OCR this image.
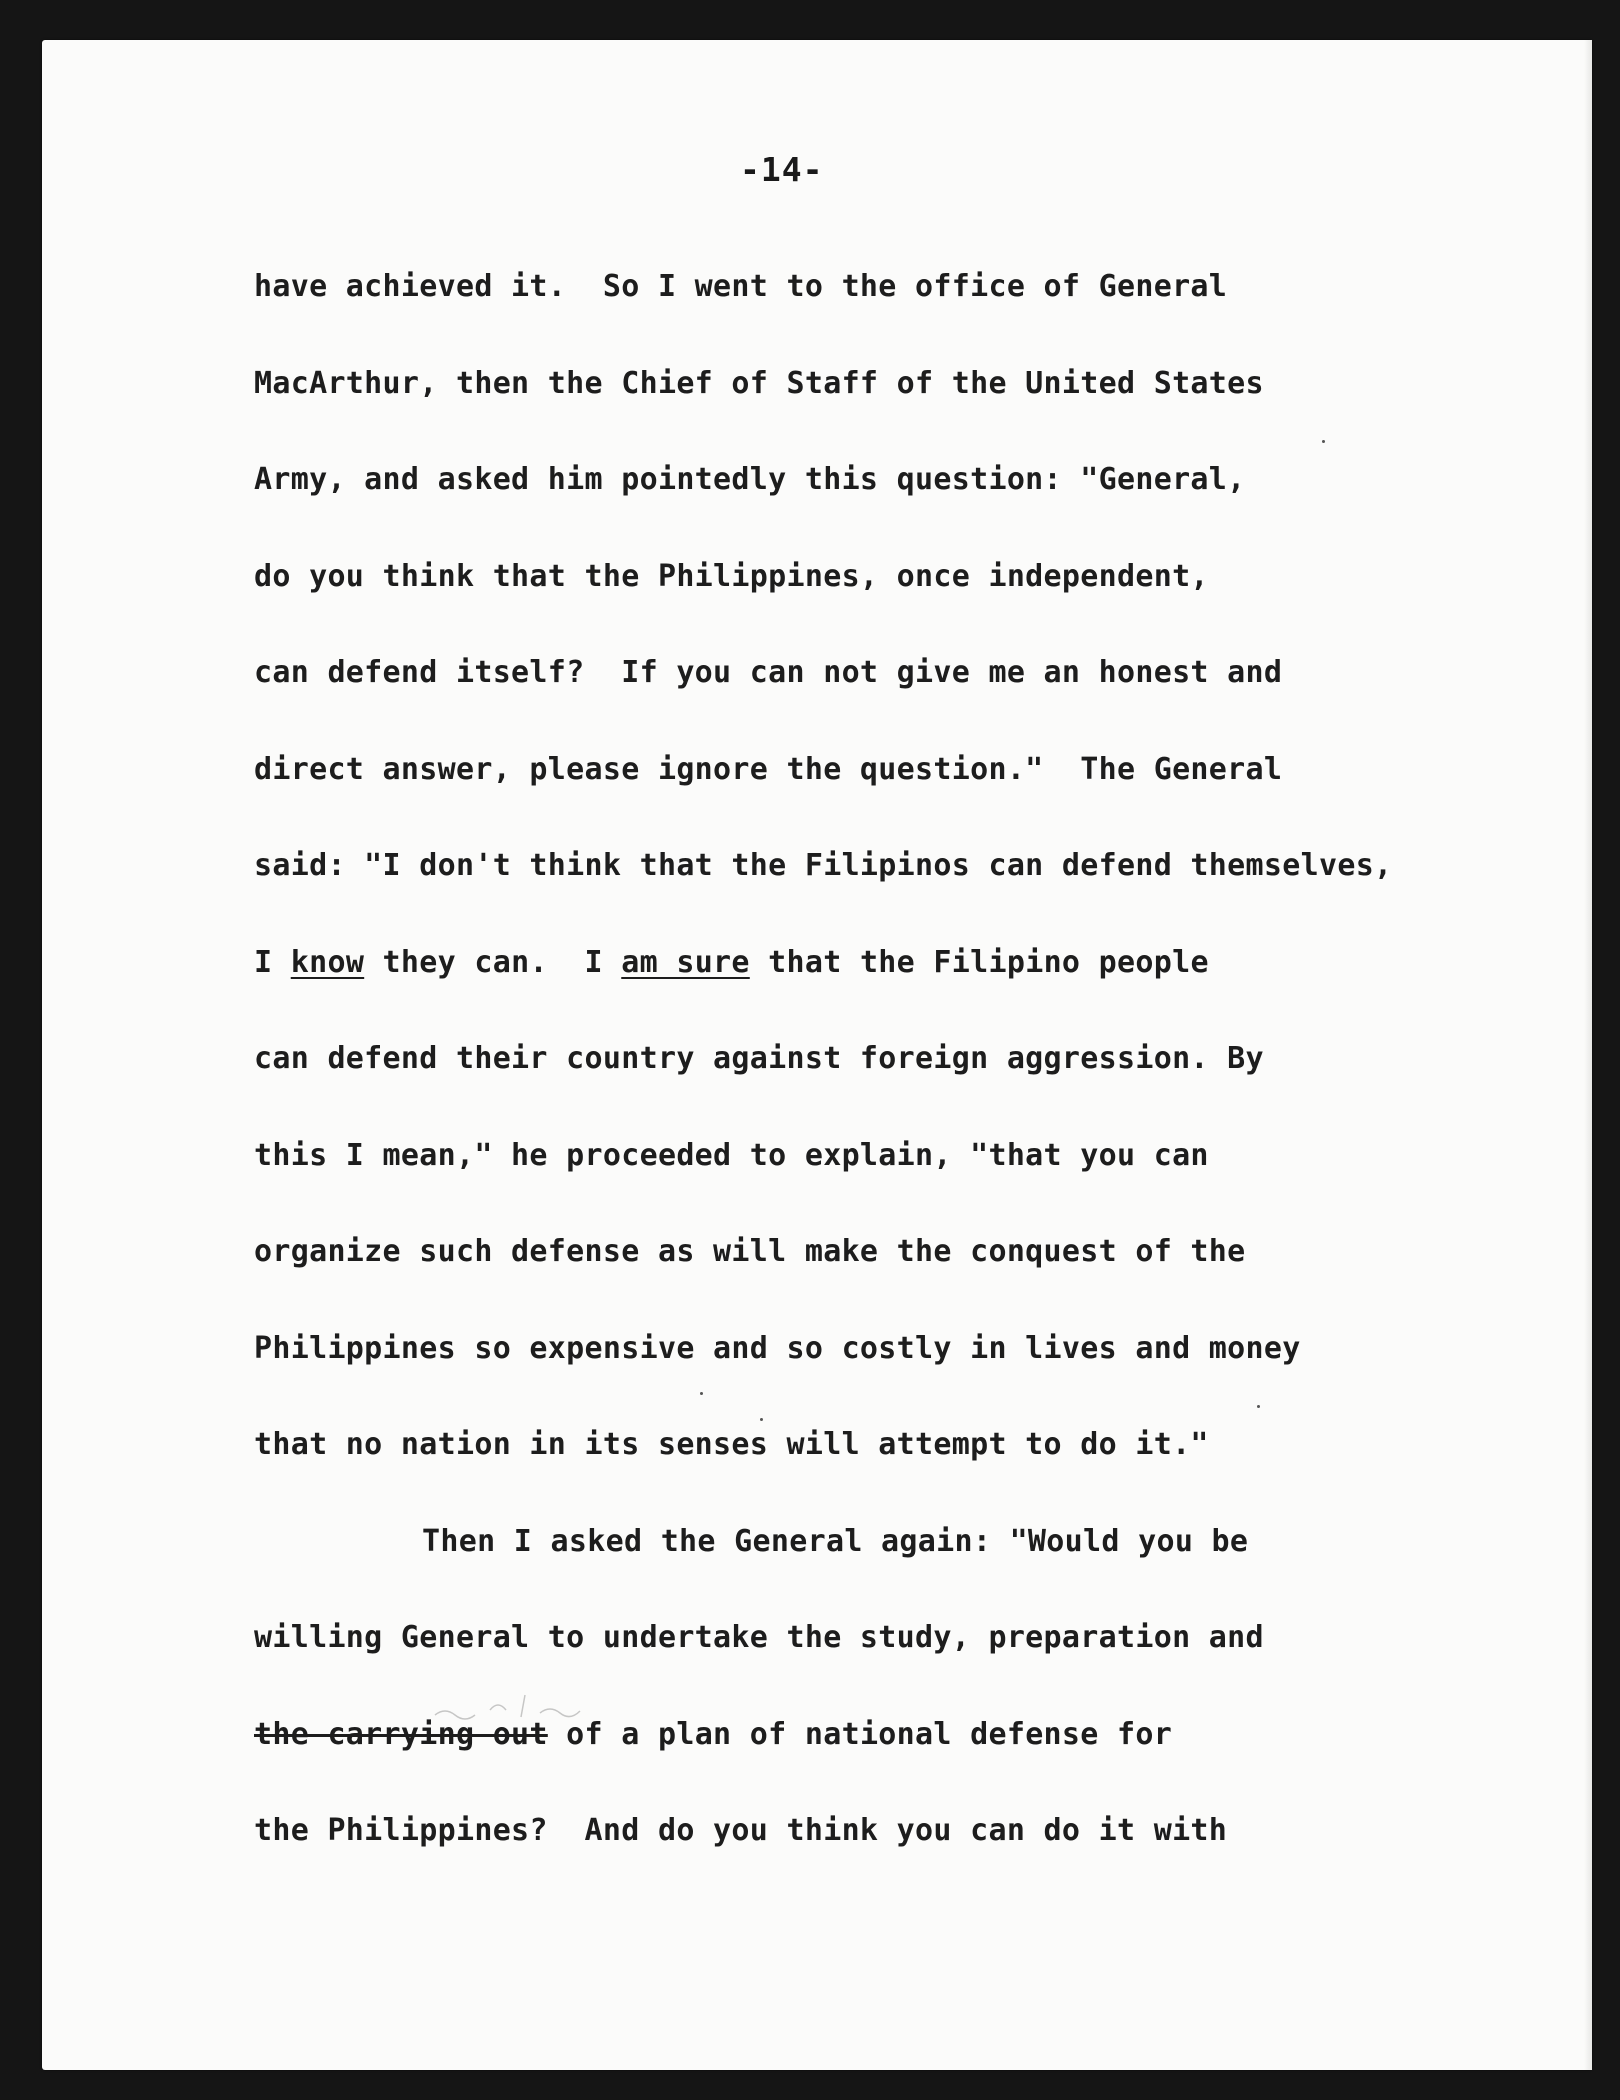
-14-
have achieved it.  So I went to the office of General
MacArthur, then the Chief of Staff of the United States
Army, and asked him pointedly this question: "General,
do you think that the Philippines, once independent,
can defend itself?  If you can not give me an honest and
direct answer, please ignore the question."  The General
said: "I don't think that the Filipinos can defend themselves,
I know they can.  I am sure that the Filipino people
can defend their country against foreign aggression. By
this I mean," he proceeded to explain, "that you can
organize such defense as will make the conquest of the
Philippines so expensive and so costly in lives and money
that no nation in its senses will attempt to do it."
Then I asked the General again: "Would you be
willing General to undertake the study, preparation and
the carrying out of a plan of national defense for
the Philippines?  And do you think you can do it with
